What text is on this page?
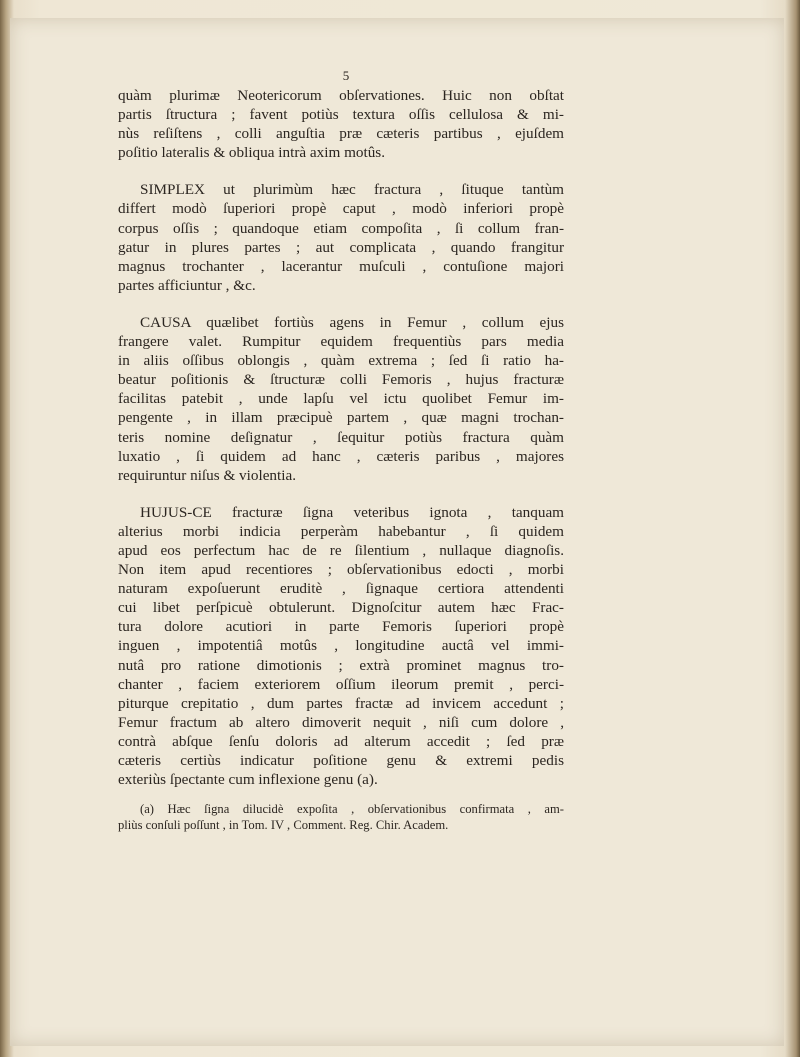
5
quàm plurimæ Neotericorum obſervationes. Huic non obſtat
partis ſtructura ; favent potiùs textura oſſis cellulosa & mi-
nùs reſiſtens , colli anguſtia præ cæteris partibus , ejuſdem
poſitio lateralis & obliqua intrà axim motûs.
SIMPLEX ut plurimùm hæc fractura , ſituque tantùm
differt modò ſuperiori propè caput , modò inferiori propè
corpus oſſis ; quandoque etiam compoſita , ſi collum fran-
gatur in plures partes ; aut complicata , quando frangitur
magnus trochanter , lacerantur muſculi , contuſione majori
partes afficiuntur , &c.
CAUSA quælibet fortiùs agens in Femur , collum ejus
frangere valet. Rumpitur equidem frequentiùs pars media
in aliis oſſibus oblongis , quàm extrema ; ſed ſi ratio ha-
beatur poſitionis & ſtructuræ colli Femoris , hujus fracturæ
facilitas patebit , unde lapſu vel ictu quolibet Femur im-
pengente , in illam præcipuè partem , quæ magni trochan-
teris nomine deſignatur , ſequitur potiùs fractura quàm
luxatio , ſi quidem ad hanc , cæteris paribus , majores
requiruntur niſus & violentia.
HUJUS-CE fracturæ ſigna veteribus ignota , tanquam
alterius morbi indicia perperàm habebantur , ſi quidem
apud eos perfectum hac de re ſilentium , nullaque diagnoſis.
Non item apud recentiores ; obſervationibus edocti , morbi
naturam expoſuerunt eruditè , ſignaque certiora attendenti
cui libet perſpicuè obtulerunt. Dignoſcitur autem hæc Frac-
tura dolore acutiori in parte Femoris ſuperiori propè
inguen , impotentiâ motûs , longitudine auctâ vel immi-
nutâ pro ratione dimotionis ; extrà prominet magnus tro-
chanter , faciem exteriorem oſſium ileorum premit , perci-
piturque crepitatio , dum partes fractæ ad invicem accedunt ;
Femur fractum ab altero dimoverit nequit , niſi cum dolore ,
contrà abſque ſenſu doloris ad alterum accedit ; ſed præ
cæteris certiùs indicatur poſitione genu & extremi pedis
exteriùs ſpectante cum inflexione genu (a).
(a) Hæc ſigna dilucidè expoſita , obſervationibus confirmata , am-
pliùs conſuli poſſunt , in Tom. IV , Comment. Reg. Chir. Academ.
